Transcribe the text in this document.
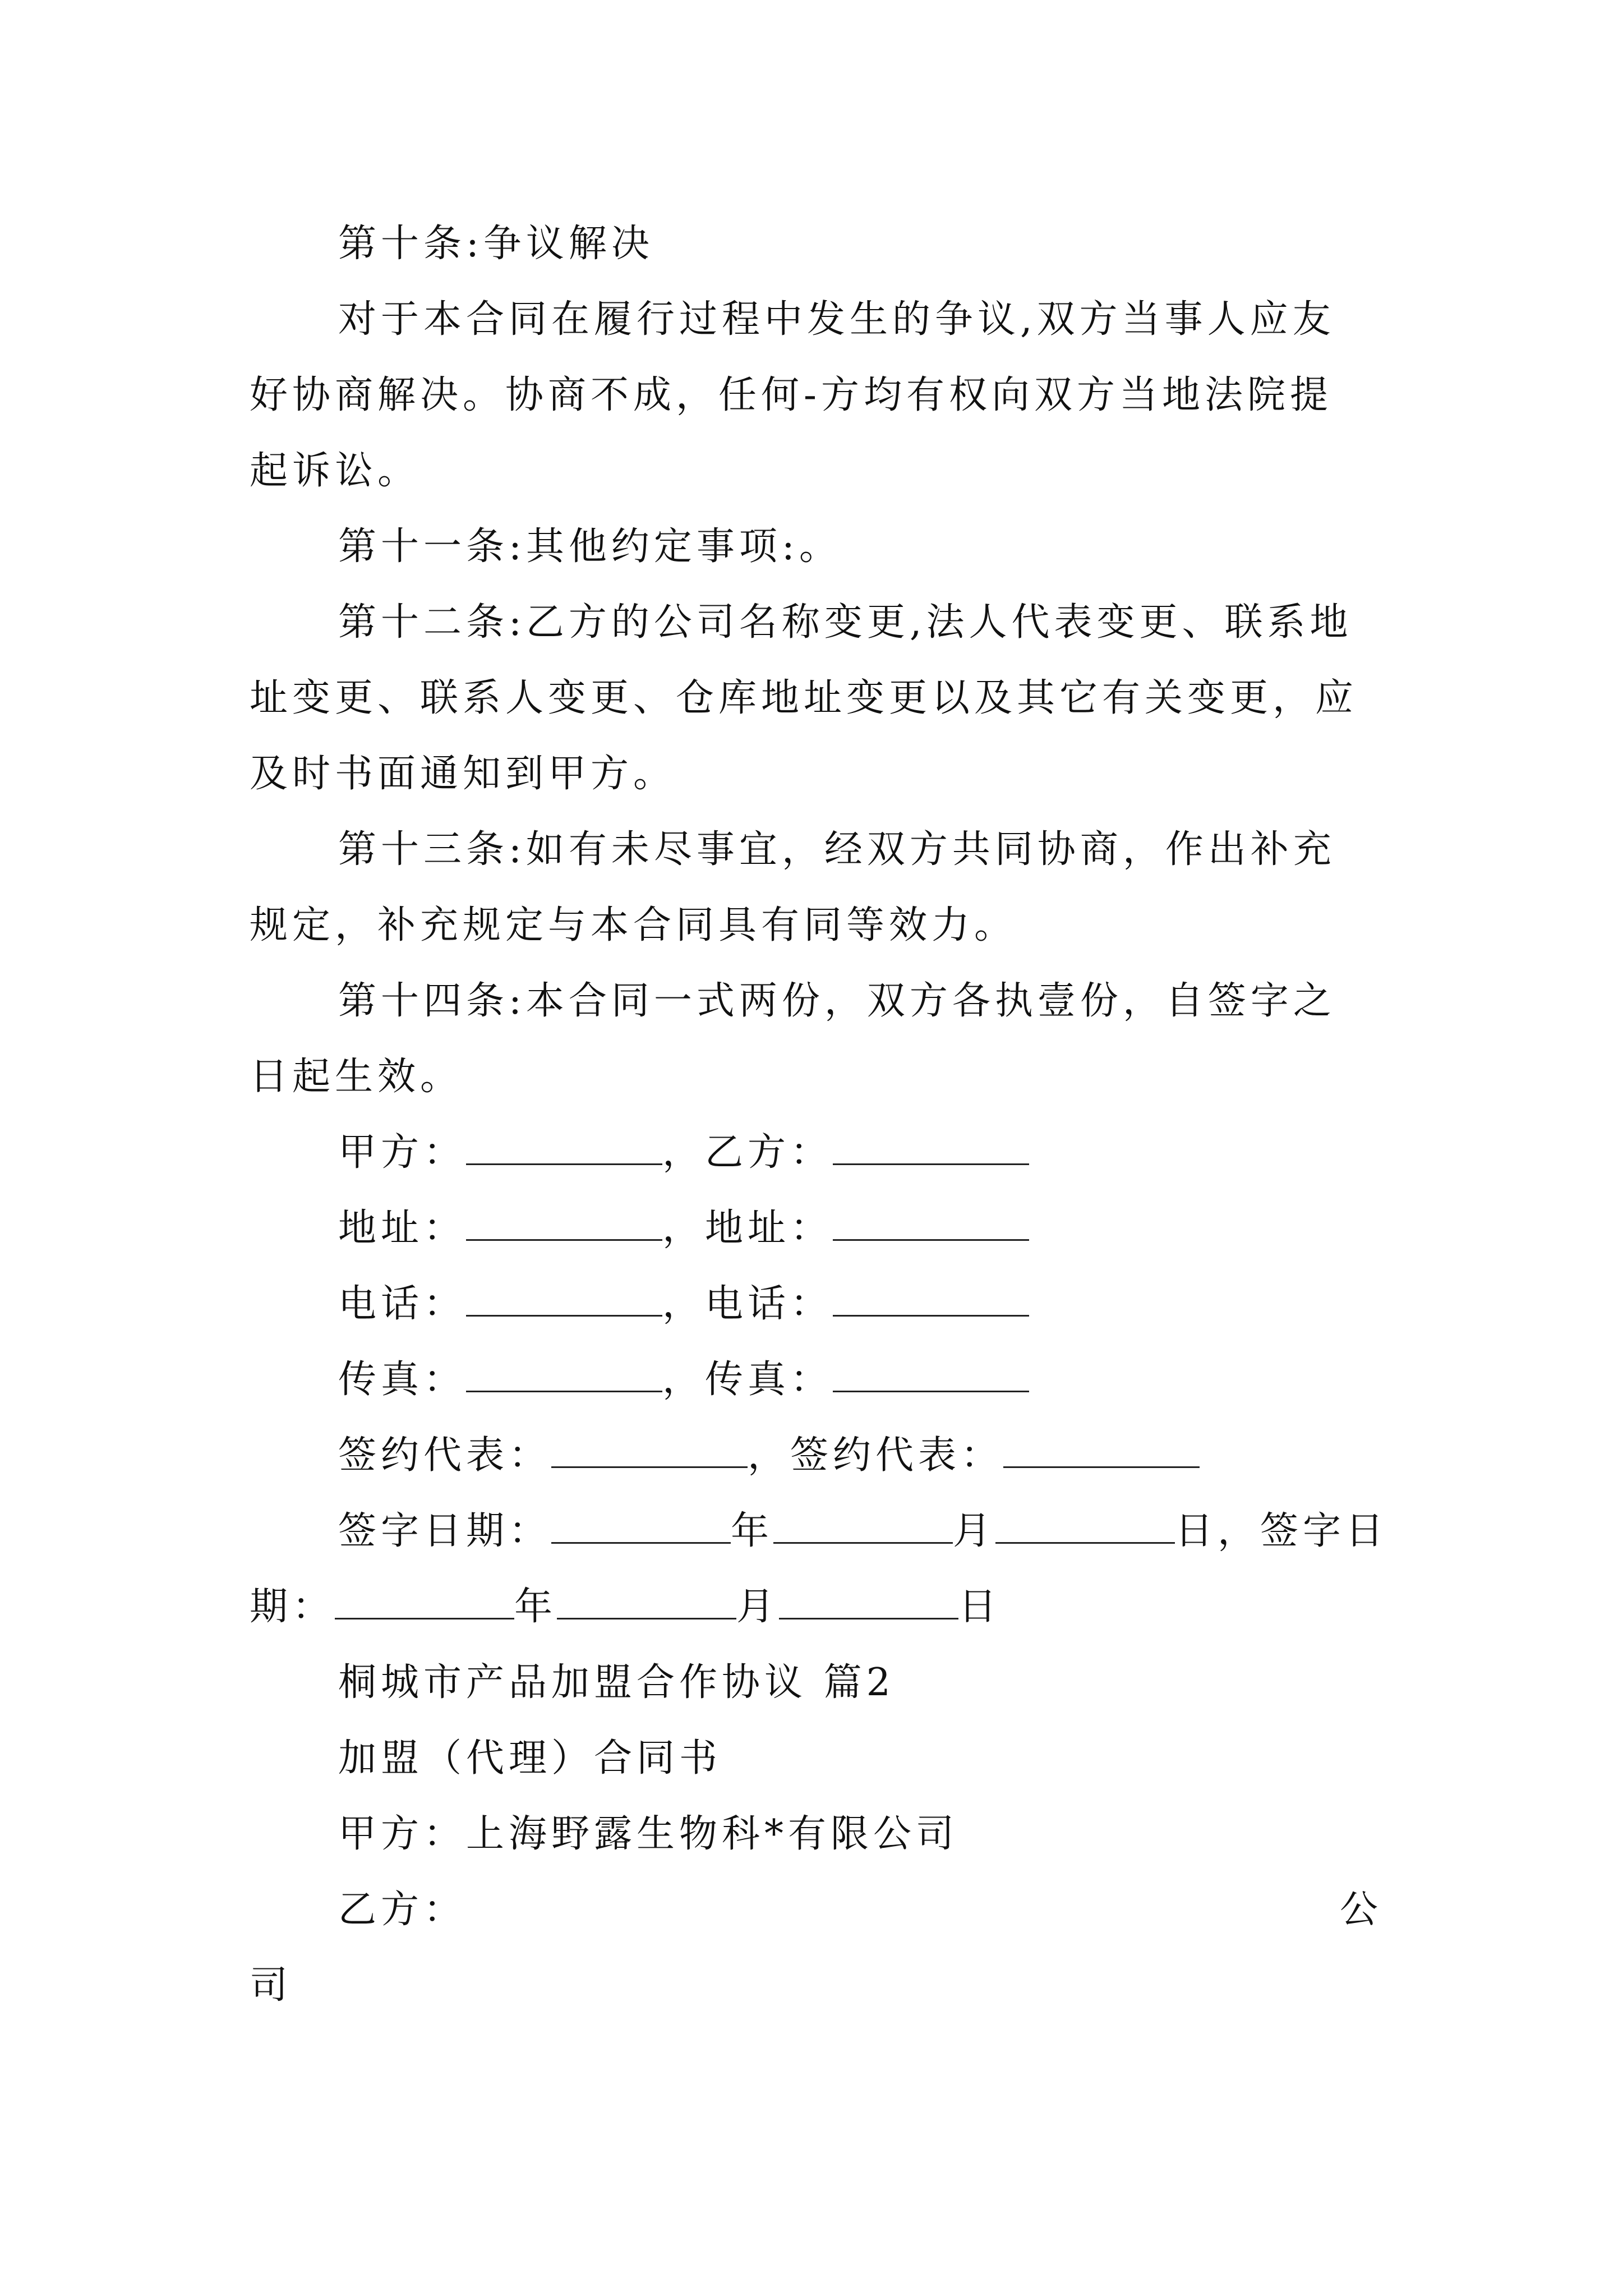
第十条:争议解决
对于本合同在履行过程中发生的争议,双方当事人应友
好协商解决。协商不成，任何-方均有权向双方当地法院提
起诉讼。
第十一条:其他约定事项:。
第十二条:乙方的公司名称变更,法人代表变更、联系地
址变更、联系人变更、仓库地址变更以及其它有关变更，应
及时书面通知到甲方。
第十三条:如有未尽事宜，经双方共同协商，作出补充
规定，补充规定与本合同具有同等效力。
第十四条:本合同一式两份，双方各执壹份，自签字之
日起生效。
甲方：	，乙方：
地址：	，地址：
电话：	，电话：
传真：	，传真：
签约代表：	，签约代表：
签字日期：	年	月	日，签字日
期：	年	月	日
桐城市产品加盟合作协议 篇2
加盟（代理）合同书
甲方：上海野露生物科*有限公司
乙方：	公
司
